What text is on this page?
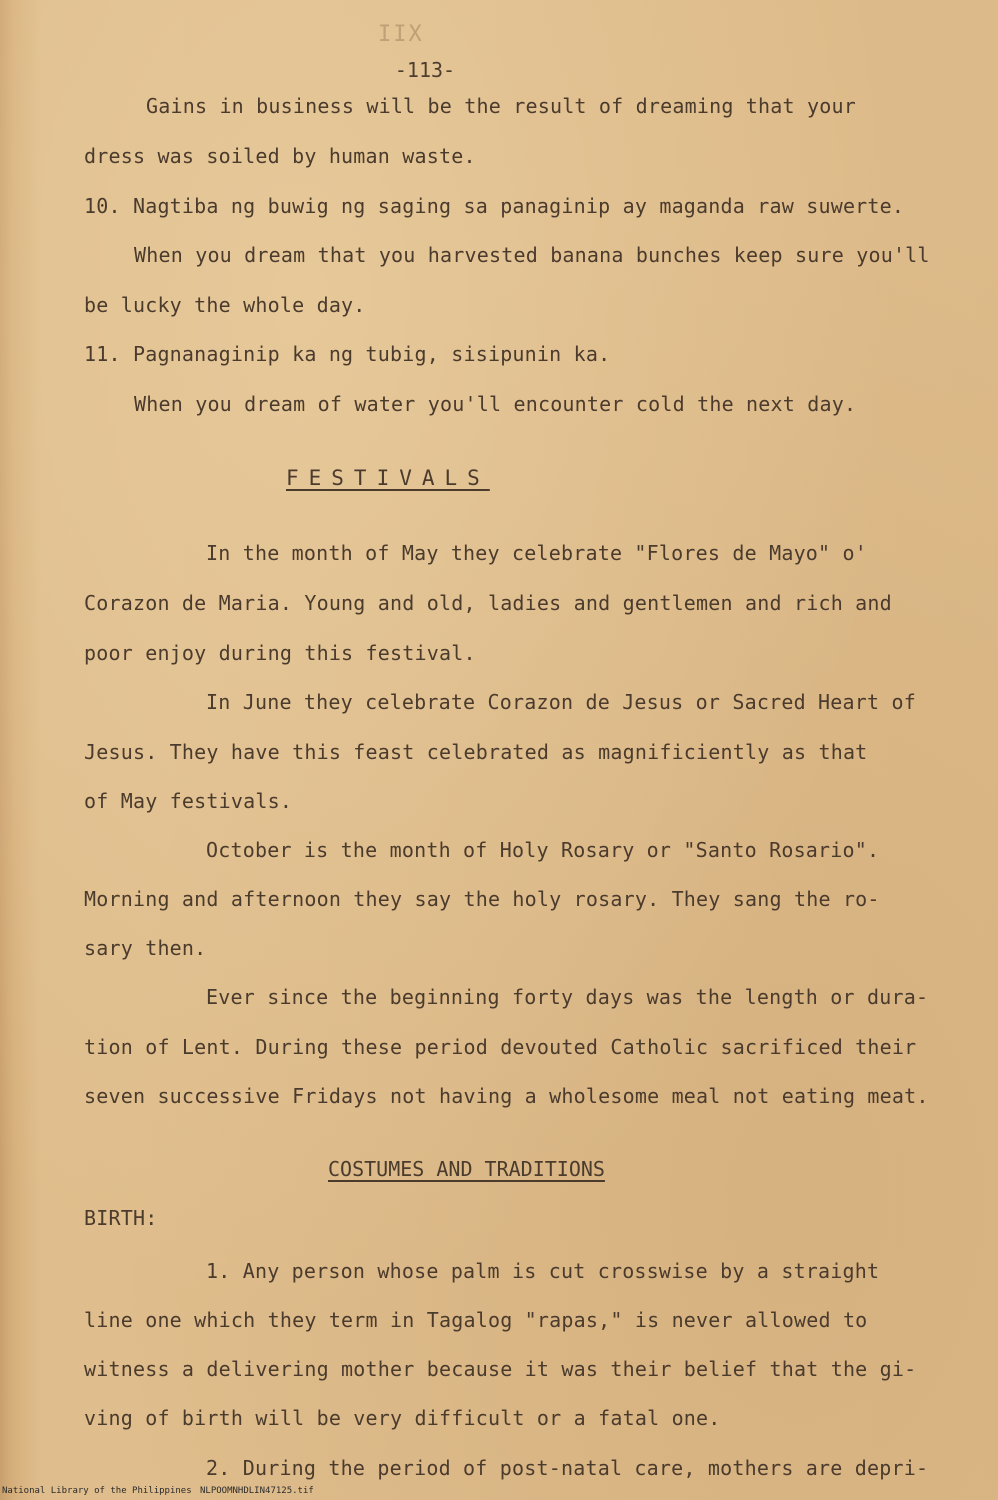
IIX
-113-
Gains in business will be the result of dreaming that your
dress was soiled by human waste.
10. Nagtiba ng buwig ng saging sa panaginip ay maganda raw suwerte.
When you dream that you harvested banana bunches keep sure you'll
be lucky the whole day.
11. Pagnanaginip ka ng tubig, sisipunin ka.
When you dream of water you'll encounter cold the next day.
FESTIVALS
In the month of May they celebrate "Flores de Mayo" o'
Corazon de Maria. Young and old, ladies and gentlemen and rich and
poor enjoy during this festival.
In June they celebrate Corazon de Jesus or Sacred Heart of
Jesus. They have this feast celebrated as magnificiently as that
of May festivals.
October is the month of Holy Rosary or "Santo Rosario".
Morning and afternoon they say the holy rosary. They sang the ro-
sary then.
Ever since the beginning forty days was the length or dura-
tion of Lent. During these period devouted Catholic sacrificed their
seven successive Fridays not having a wholesome meal not eating meat.
COSTUMES AND TRADITIONS
BIRTH:
1. Any person whose palm is cut crosswise by a straight
line one which they term in Tagalog "rapas," is never allowed to
witness a delivering mother because it was their belief that the gi-
ving of birth will be very difficult or a fatal one.
2. During the period of post-natal care, mothers are depri-
National Library of the Philippines NLPOOMNHDLIN47125.tif
